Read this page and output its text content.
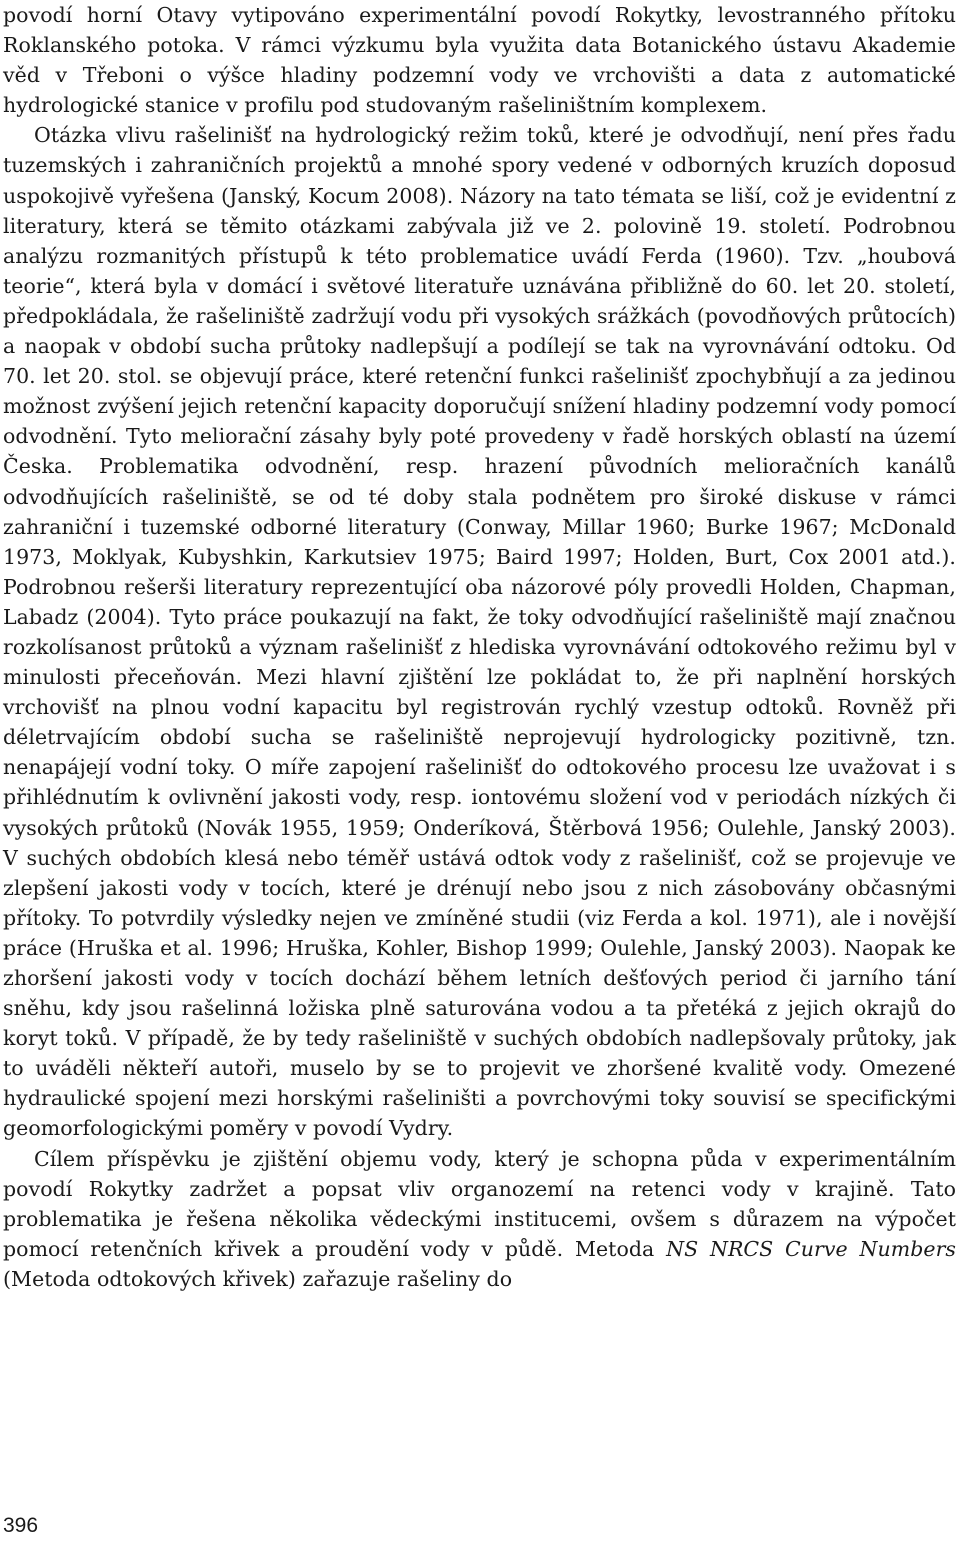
povodí horní Otavy vytipováno experimentální povodí Rokytky, levostranného přítoku Roklanského potoka. V rámci výzkumu byla využita data Botanického ústavu Akademie věd v Třeboni o výšce hladiny podzemní vody ve vrchovišti a data z automatické hydrologické stanice v profilu pod studovaným rašeliništním komplexem.

Otázka vlivu rašelinišť na hydrologický režim toků, které je odvodňují, není přes řadu tuzemských i zahraničních projektů a mnohé spory vedené v odborných kruzích doposud uspokojivě vyřešena (Janský, Kocum 2008). Názory na tato témata se liší, což je evidentní z literatury, která se těmito otázkami zabývala již ve 2. polovině 19. století. Podrobnou analýzu rozmanitých přístupů k této problematice uvádí Ferda (1960). Tzv. „houbová teorie“, která byla v domácí i světové literatuře uznávána přibližně do 60. let 20. století, předpokládala, že rašeliniště zadržují vodu při vysokých srážkách (povodňových průtocích) a naopak v období sucha průtoky nadlepšují a podílejí se tak na vyrovnávání odtoku. Od 70. let 20. stol. se objevují práce, které retenční funkci rašelinišť zpochybňují a za jedinou možnost zvýšení jejich retenční kapacity doporučují snížení hladiny podzemní vody pomocí odvodnění. Tyto meliorační zásahy byly poté provedeny v řadě horských oblastí na území Česka. Problematika odvodnění, resp. hrazení původních melioračních kanálů odvodňujících rašeliniště, se od té doby stala podnětem pro široké diskuse v rámci zahraniční i tuzemské odborné literatury (Conway, Millar 1960; Burke 1967; McDonald 1973, Moklyak, Kubyshkin, Karkutsiev 1975; Baird 1997; Holden, Burt, Cox 2001 atd.). Podrobnou rešerši literatury reprezentující oba názorové póly provedli Holden, Chapman, Labadz (2004). Tyto práce poukazují na fakt, že toky odvodňující rašeliniště mají značnou rozkolísanost průtoků a význam rašelinišť z hlediska vyrovnávání odtokového režimu byl v minulosti přeceňován. Mezi hlavní zjištění lze pokládat to, že při naplnění horských vrchovišť na plnou vodní kapacitu byl registrován rychlý vzestup odtoků. Rovněž při déletrvajícím období sucha se rašeliniště neprojevují hydrologicky pozitivně, tzn. nenapájejí vodní toky. O míře zapojení rašelinišť do odtokového procesu lze uvažovat i s přihlédnutím k ovlivnění jakosti vody, resp. iontovému složení vod v periodách nízkých či vysokých průtoků (Novák 1955, 1959; Onderíková, Štěrbová 1956; Oulehle, Janský 2003). V suchých obdobích klesá nebo téměř ustává odtok vody z rašelinišť, což se projevuje ve zlepšení jakosti vody v tocích, které je drénují nebo jsou z nich zásobovány občasnými přítoky. To potvrdily výsledky nejen ve zmíněné studii (viz Ferda a kol. 1971), ale i novější práce (Hruška et al. 1996; Hruška, Kohler, Bishop 1999; Oulehle, Janský 2003). Naopak ke zhoršení jakosti vody v tocích dochází během letních dešťových period či jarního tání sněhu, kdy jsou rašelinná ložiska plně saturována vodou a ta přetéká z jejich okrajů do koryt toků. V případě, že by tedy rašeliniště v suchých obdobích nadlepšovaly průtoky, jak to uváděli někteří autoři, muselo by se to projevit ve zhoršené kvalitě vody. Omezené hydraulické spojení mezi horskými rašeliništi a povrchovými toky souvisí se specifickými geomorfologickými poměry v povodí Vydry.

Cílem příspěvku je zjištění objemu vody, který je schopna půda v experimentálním povodí Rokytky zadržet a popsat vliv organozemí na retenci vody v krajině. Tato problematika je řešena několika vědeckými institucemi, ovšem s důrazem na výpočet pomocí retenčních křivek a proudění vody v půdě. Metoda NS NRCS Curve Numbers (Metoda odtokových křivek) zařazuje rašeliny do

396
